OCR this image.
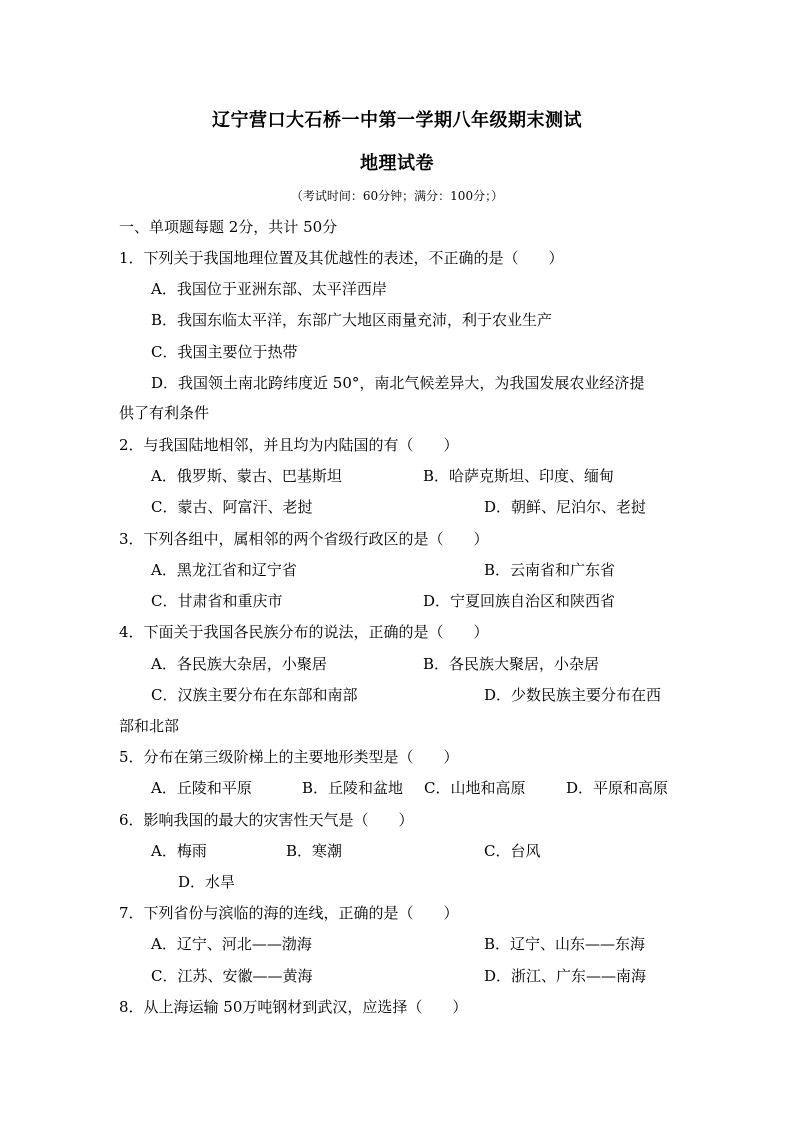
辽宁营口大石桥一中第一学期八年级期末测试
地理试卷
（考试时间：60分钟；满分：100分；）
一、单项题每题 2分，共计 50分
1．下列关于我国地理位置及其优越性的表述，不正确的是（　　）
A．我国位于亚洲东部、太平洋西岸
B．我国东临太平洋，东部广大地区雨量充沛，利于农业生产
C．我国主要位于热带
D．我国领土南北跨纬度近 50°，南北气候差异大，为我国发展农业经济提
供了有利条件
2．与我国陆地相邻，并且均为内陆国的有（　　）
A．俄罗斯、蒙古、巴基斯坦	B．哈萨克斯坦、印度、缅甸
C．蒙古、阿富汗、老挝	D．朝鲜、尼泊尔、老挝
3．下列各组中，属相邻的两个省级行政区的是（　　）
A．黑龙江省和辽宁省	B．云南省和广东省
C．甘肃省和重庆市	D．宁夏回族自治区和陕西省
4．下面关于我国各民族分布的说法，正确的是（　　）
A．各民族大杂居，小聚居	B．各民族大聚居，小杂居
C．汉族主要分布在东部和南部	D．少数民族主要分布在西
部和北部
5．分布在第三级阶梯上的主要地形类型是（　　）
A．丘陵和平原	B．丘陵和盆地 C．山地和高原	D．平原和高原
6．影响我国的最大的灾害性天气是（　　）
A．梅雨	B．寒潮	C．台风
D．水旱
7．下列省份与滨临的海的连线，正确的是（　　）
A．辽宁、河北——渤海	B．辽宁、山东——东海
C．江苏、安徽——黄海	D．浙江、广东——南海
8．从上海运输 50万吨钢材到武汉，应选择（　　）
